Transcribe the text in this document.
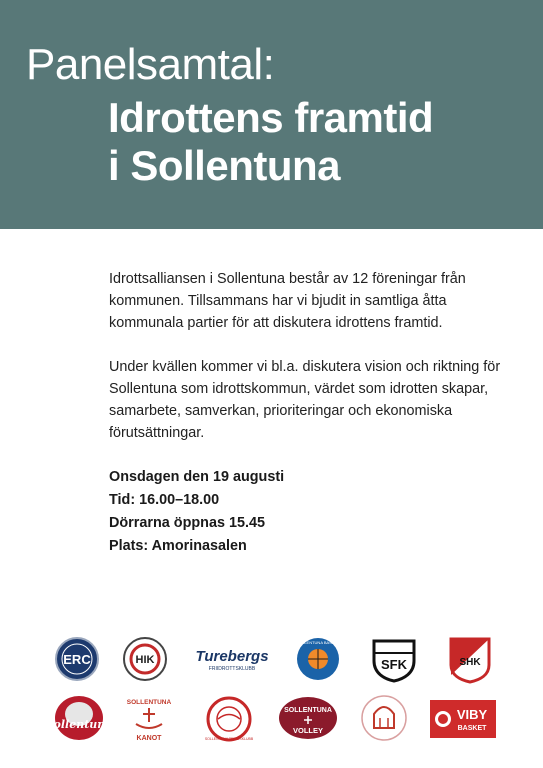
Panelsamtal:
Idrottens framtid
i Sollentuna

Idrottsalliansen i Sollentuna består av 12 föreningar från kommunen. Tillsammans har vi bjudit in samtliga åtta kommunala partier för att diskutera idrottens framtid.

Under kvällen kommer vi bl.a. diskutera vision och riktning för Sollentuna som idrottskommun, värdet som idrotten skapar, samarbete, samverkan, prioriteringar och ekonomiska förutsättningar.

Onsdagen den 19 augusti
Tid: 16.00–18.00
Dörrarna öppnas 15.45
Plats: Amorinasalen
ERC	HIK	Turebergs
FRIIDROTTSKLUBB
SOLLENTUNA BASKET
SFK	SHK
Sollentuna
SOLLENTUNA
KANOT	SOLLENTUNA TENNISKLUBB
SOLLENTUNA
VOLLEY
VIBY
BASKET
